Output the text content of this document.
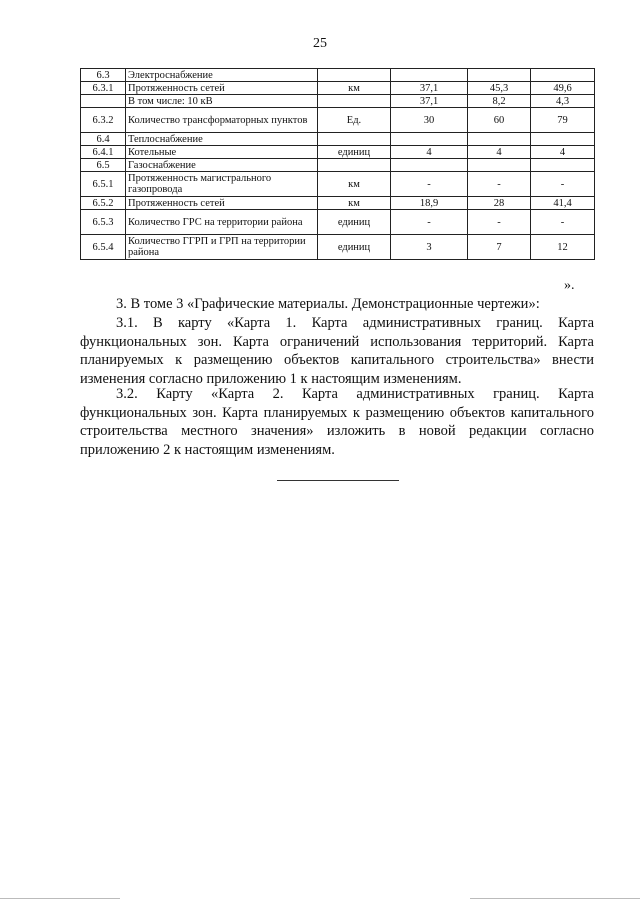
25
6.3	Электроснабжение				
6.3.1	Протяженность сетей	км	37,1	45,3	49,6
	В том числе: 10 кВ		37,1	8,2	4,3
6.3.2	Количество трансформаторных пунктов	Ед.	30	60	79
6.4	Теплоснабжение				
6.4.1	Котельные	единиц	4	4	4
6.5	Газоснабжение				
6.5.1	Протяженность магистрального газопровода	км	-	-	-
6.5.2	Протяженность сетей	км	18,9	28	41,4
6.5.3	Количество ГРС на территории района	единиц	-	-	-
6.5.4	Количество ГГРП и ГРП на территории района	единиц	3	7	12
».

3. В томе 3 «Графические материалы. Демонстрационные чертежи»:

3.1. В карту «Карта 1. Карта административных границ. Карта функциональных зон. Карта ограничений использования территорий. Карта планируемых к размещению объектов капитального строительства» внести изменения согласно приложению 1 к настоящим изменениям.

3.2. Карту «Карта 2. Карта административных границ. Карта функциональных зон. Карта планируемых к размещению объектов капитального строительства местного значения» изложить в новой редакции согласно приложению 2 к настоящим изменениям.
